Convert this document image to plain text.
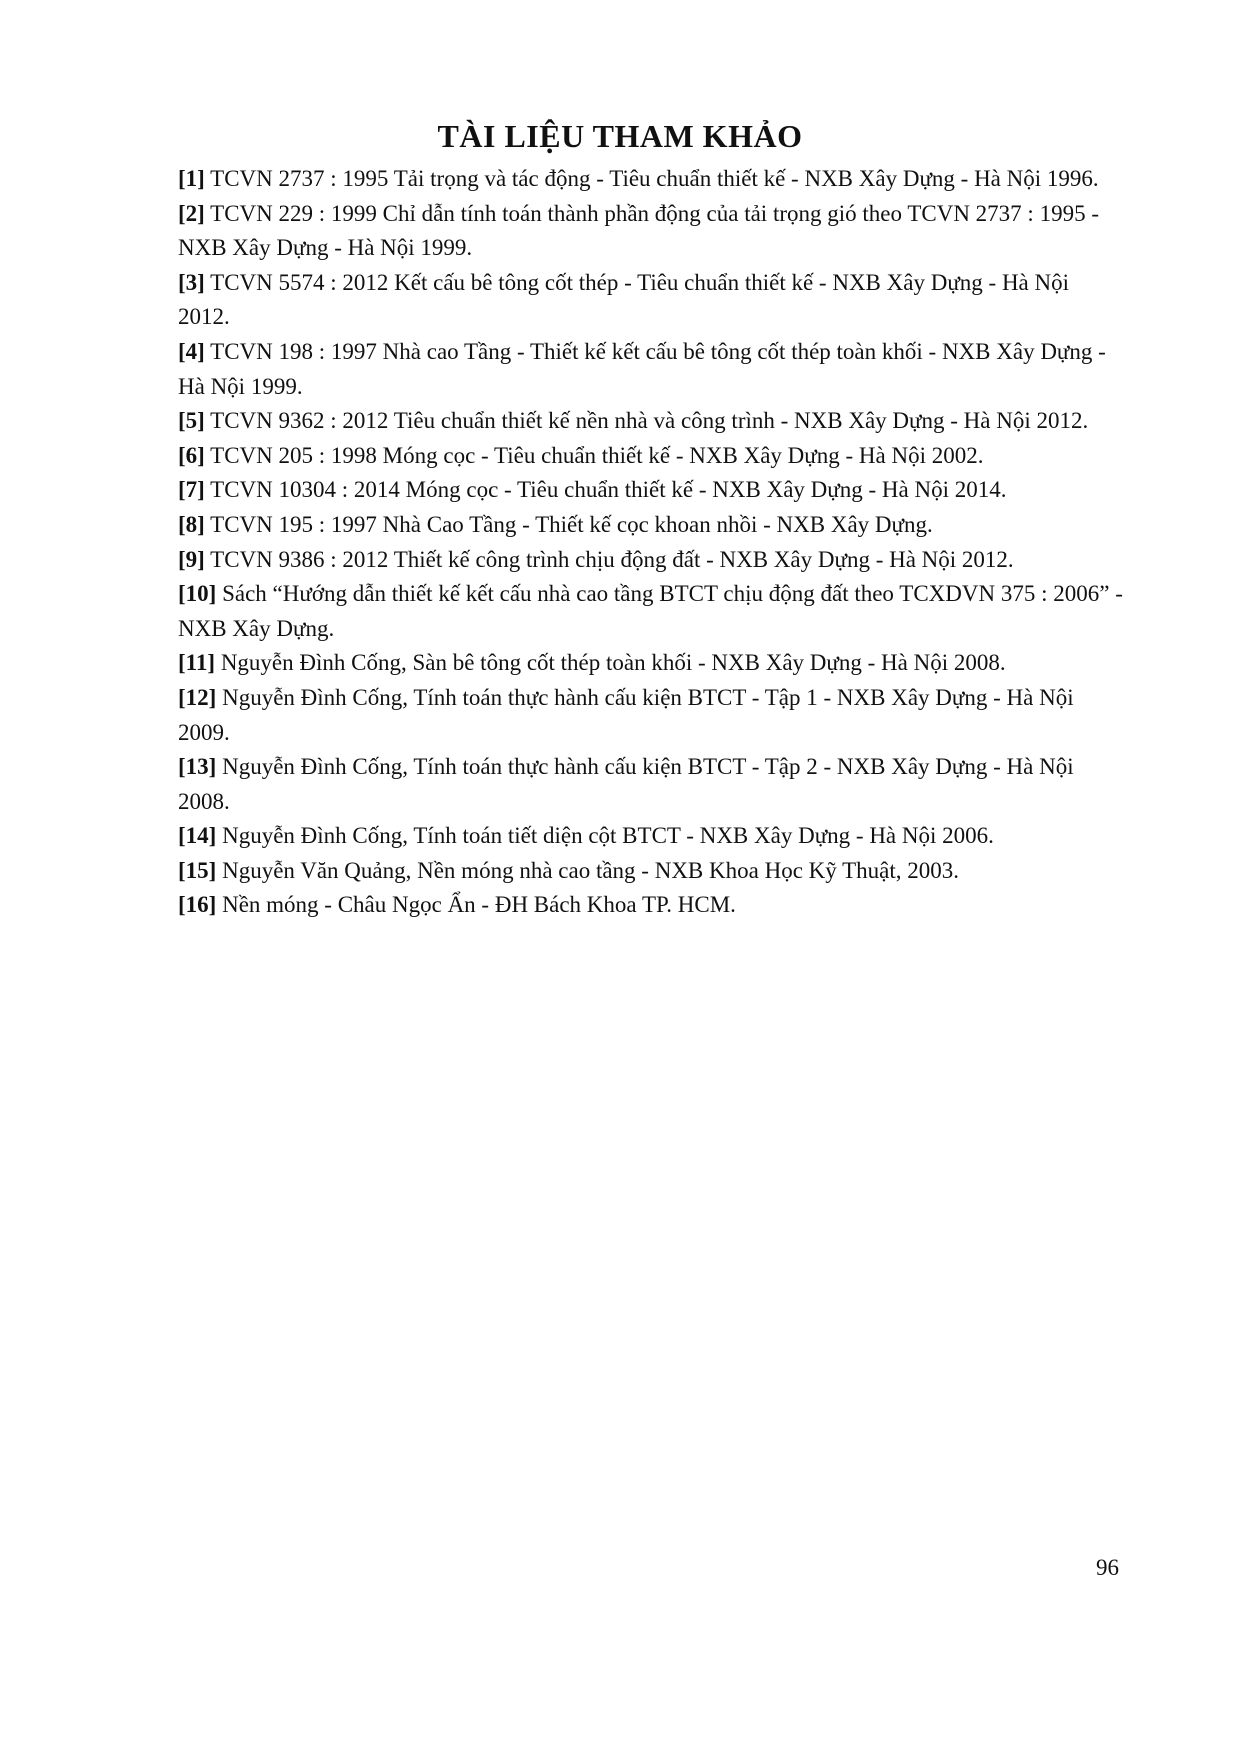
TÀI LIỆU THAM KHẢO
[1] TCVN 2737 : 1995 Tải trọng và tác động - Tiêu chuẩn thiết kế - NXB Xây Dựng - Hà Nội 1996.
[2] TCVN 229 : 1999 Chỉ dẫn tính toán thành phần động của tải trọng gió theo TCVN 2737 : 1995 - NXB Xây Dựng - Hà Nội 1999.
[3] TCVN 5574 : 2012 Kết cấu bê tông cốt thép - Tiêu chuẩn thiết kế - NXB Xây Dựng - Hà Nội 2012.
[4] TCVN 198 : 1997 Nhà cao Tầng - Thiết kế kết cấu bê tông cốt thép toàn khối - NXB Xây Dựng - Hà Nội 1999.
[5] TCVN 9362 : 2012 Tiêu chuẩn thiết kế nền nhà và công trình - NXB Xây Dựng - Hà Nội 2012.
[6] TCVN 205 : 1998 Móng cọc - Tiêu chuẩn thiết kế - NXB Xây Dựng - Hà Nội 2002.
[7] TCVN 10304 : 2014 Móng cọc - Tiêu chuẩn thiết kế - NXB Xây Dựng - Hà Nội 2014.
[8] TCVN 195 : 1997 Nhà Cao Tầng - Thiết kế cọc khoan nhồi - NXB Xây Dựng.
[9] TCVN 9386 : 2012 Thiết kế công trình chịu động đất - NXB Xây Dựng - Hà Nội 2012.
[10] Sách “Hướng dẫn thiết kế kết cấu nhà cao tầng BTCT chịu động đất theo TCXDVN 375 : 2006” - NXB Xây Dựng.
[11] Nguyễn Đình Cống, Sàn bê tông cốt thép toàn khối - NXB Xây Dựng - Hà Nội 2008.
[12] Nguyễn Đình Cống, Tính toán thực hành cấu kiện BTCT - Tập 1 - NXB Xây Dựng - Hà Nội 2009.
[13] Nguyễn Đình Cống, Tính toán thực hành cấu kiện BTCT - Tập 2 - NXB Xây Dựng - Hà Nội 2008.
[14] Nguyễn Đình Cống, Tính toán tiết diện cột BTCT - NXB Xây Dựng - Hà Nội 2006.
[15] Nguyễn Văn Quảng, Nền móng nhà cao tầng - NXB Khoa Học Kỹ Thuật, 2003.
[16] Nền móng - Châu Ngọc Ẩn - ĐH Bách Khoa TP. HCM.
96
